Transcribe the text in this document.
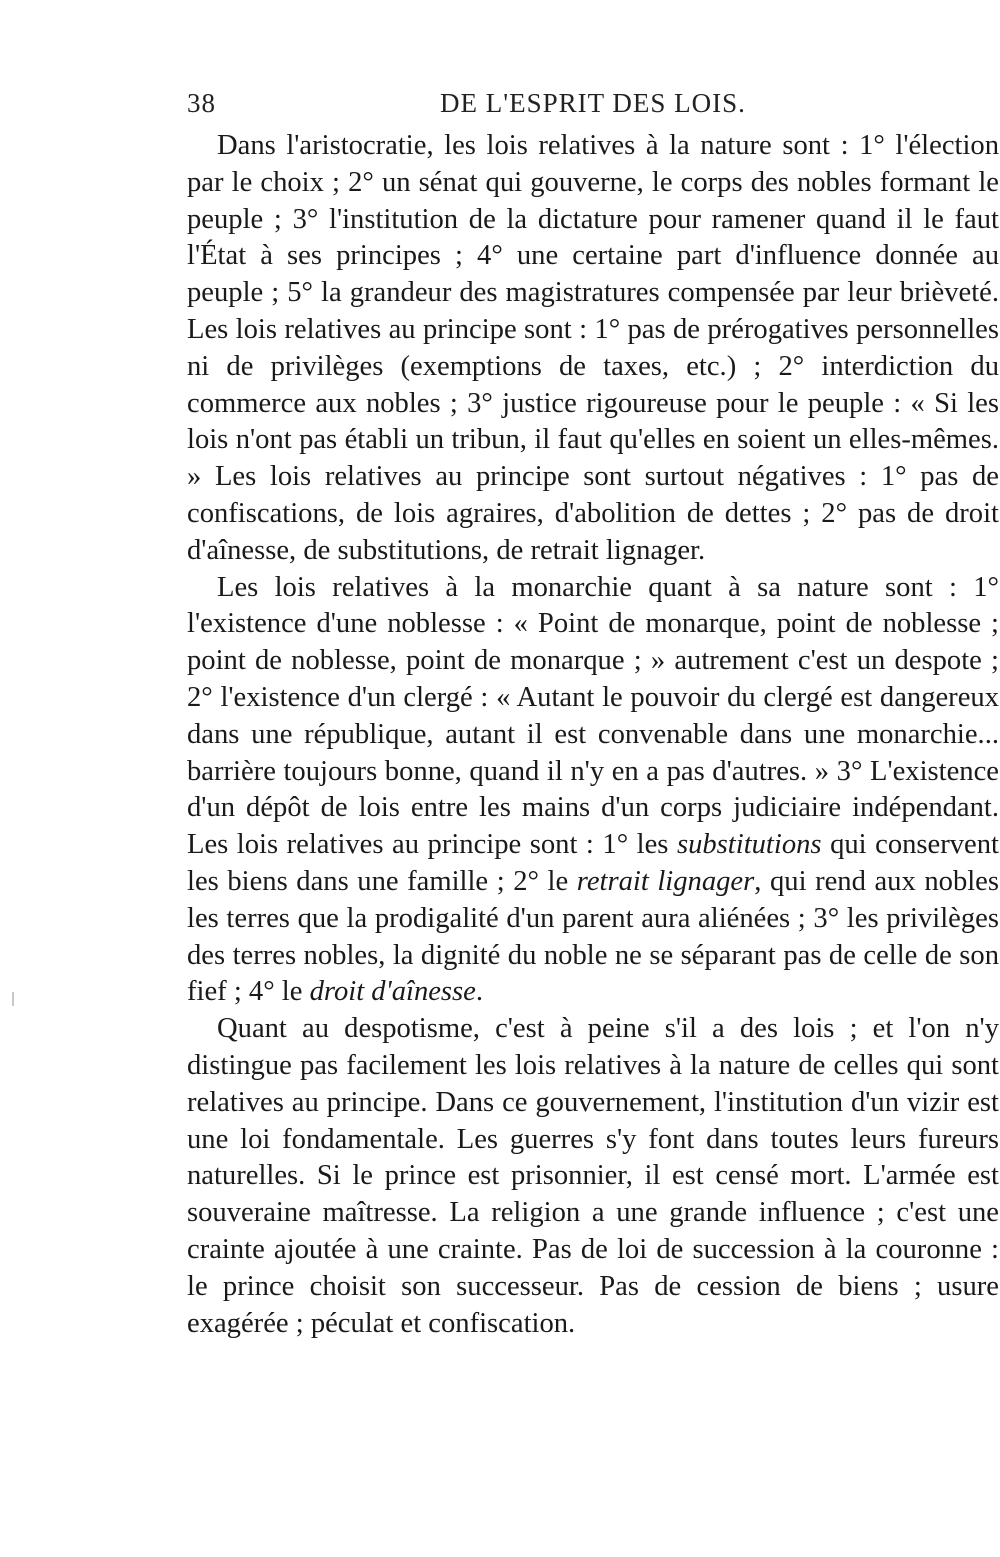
38	DE L'ESPRIT DES LOIS.

Dans l'aristocratie, les lois relatives à la nature sont : 1° l'élection par le choix ; 2° un sénat qui gouverne, le corps des nobles formant le peuple ; 3° l'institution de la dictature pour ramener quand il le faut l'État à ses principes ; 4° une certaine part d'influence donnée au peuple ; 5° la grandeur des magistratures compensée par leur brièveté. Les lois relatives au principe sont : 1° pas de prérogatives personnelles ni de privilèges (exemptions de taxes, etc.) ; 2° interdiction du commerce aux nobles ; 3° justice rigoureuse pour le peuple : « Si les lois n'ont pas établi un tribun, il faut qu'elles en soient un elles-mêmes. » Les lois relatives au principe sont surtout négatives : 1° pas de confiscations, de lois agraires, d'abolition de dettes ; 2° pas de droit d'aînesse, de substitutions, de retrait lignager.

Les lois relatives à la monarchie quant à sa nature sont : 1° l'existence d'une noblesse : « Point de monarque, point de noblesse ; point de noblesse, point de monarque ; » autrement c'est un despote ; 2° l'existence d'un clergé : « Autant le pouvoir du clergé est dangereux dans une république, autant il est convenable dans une monarchie... barrière toujours bonne, quand il n'y en a pas d'autres. » 3° L'existence d'un dépôt de lois entre les mains d'un corps judiciaire indépendant. Les lois relatives au principe sont : 1° les substitutions qui conservent les biens dans une famille ; 2° le retrait lignager, qui rend aux nobles les terres que la prodigalité d'un parent aura aliénées ; 3° les privilèges des terres nobles, la dignité du noble ne se séparant pas de celle de son fief ; 4° le droit d'aînesse.

Quant au despotisme, c'est à peine s'il a des lois ; et l'on n'y distingue pas facilement les lois relatives à la nature de celles qui sont relatives au principe. Dans ce gouvernement, l'institution d'un vizir est une loi fondamentale. Les guerres s'y font dans toutes leurs fureurs naturelles. Si le prince est prisonnier, il est censé mort. L'armée est souveraine maîtresse. La religion a une grande influence ; c'est une crainte ajoutée à une crainte. Pas de loi de succession à la couronne : le prince choisit son successeur. Pas de cession de biens ; usure exagérée ; péculat et confiscation.
